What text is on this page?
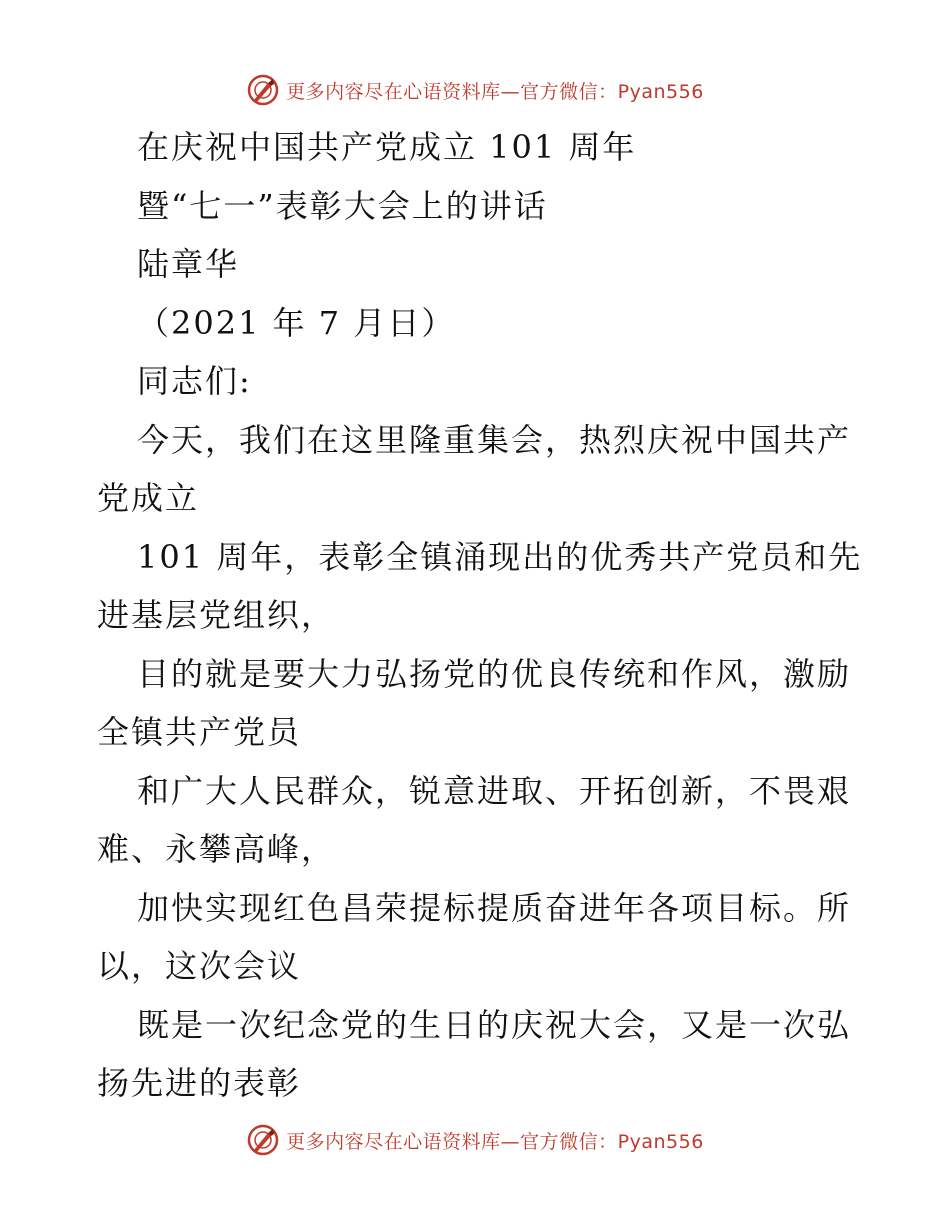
更多内容尽在心语资料库—官方微信：Pyan556
在庆祝中国共产党成立 101 周年
暨“七一”表彰大会上的讲话
陆章华
（2021 年 7 月日）
同志们:
今天，我们在这里隆重集会，热烈庆祝中国共产
党成立
101 周年，表彰全镇涌现出的优秀共产党员和先
进基层党组织，
目的就是要大力弘扬党的优良传统和作风，激励
全镇共产党员
和广大人民群众，锐意进取、开拓创新，不畏艰
难、永攀高峰，
加快实现红色昌荣提标提质奋进年各项目标。所
以，这次会议
既是一次纪念党的生日的庆祝大会，又是一次弘
扬先进的表彰
更多内容尽在心语资料库—官方微信：Pyan556
